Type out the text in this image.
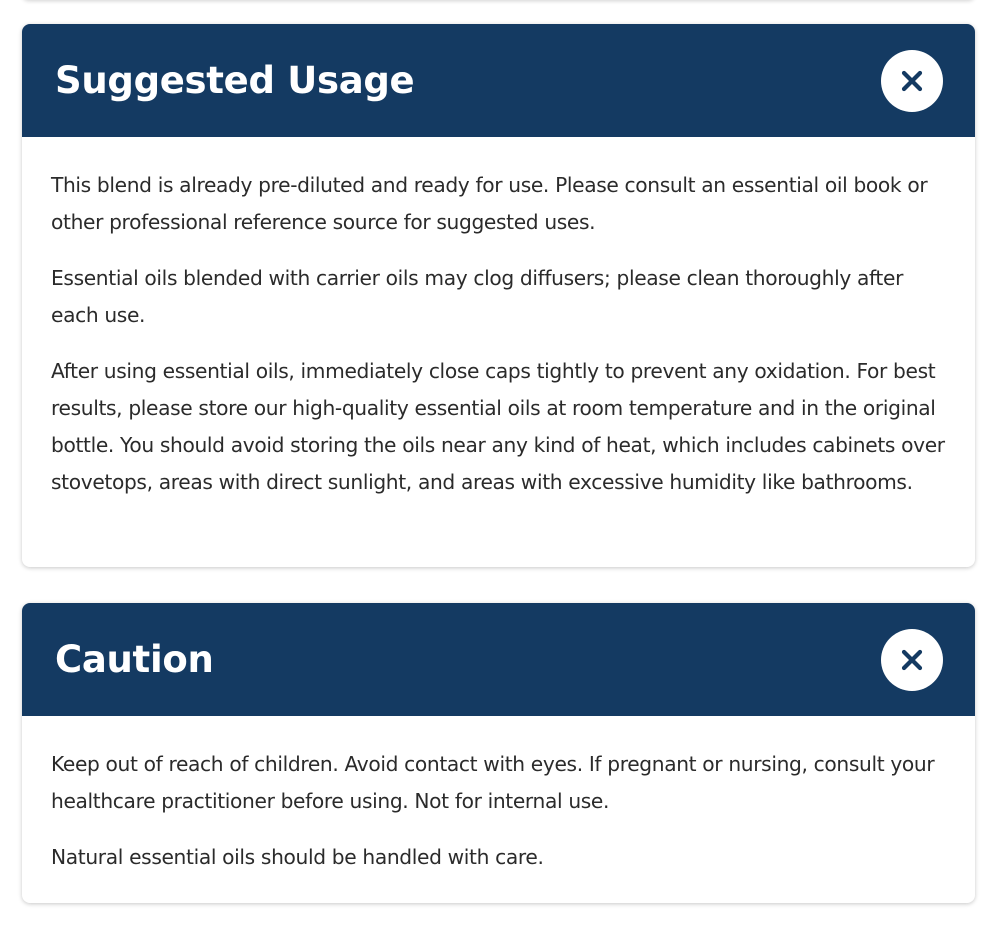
Suggested Usage

This blend is already pre-diluted and ready for use. Please consult an essential oil book or other professional reference source for suggested uses.

Essential oils blended with carrier oils may clog diffusers; please clean thoroughly after each use.

After using essential oils, immediately close caps tightly to prevent any oxidation. For best results, please store our high-quality essential oils at room temperature and in the original bottle. You should avoid storing the oils near any kind of heat, which includes cabinets over stovetops, areas with direct sunlight, and areas with excessive humidity like bathrooms.

Caution

Keep out of reach of children. Avoid contact with eyes. If pregnant or nursing, consult your healthcare practitioner before using. Not for internal use.

Natural essential oils should be handled with care.
